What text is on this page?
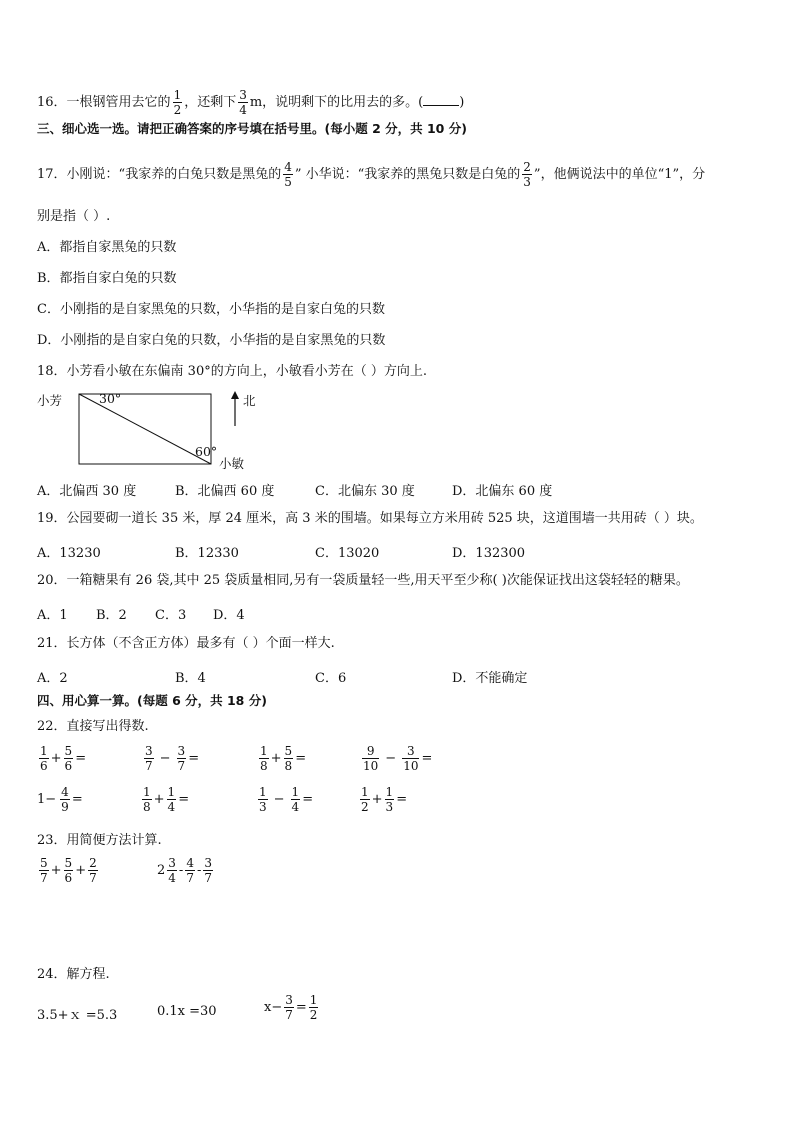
16．一根钢管用去它的 $\frac{1}{2}$ ，还剩下 $\frac{3}{4}$ m，说明剩下的比用去的多。(	)
三、细心选一选。请把正确答案的序号填在括号里。(每小题 2 分，共 10 分)
17．小刚说：“我家养的白兔只数是黑兔的 $\frac{4}{5}$ ” 小华说：“我家养的黑兔只数是白兔的 $\frac{2}{3}$ ”，他俩说法中的单位“1”，分
别是指（ ）.
A．都指自家黑兔的只数
B．都指自家白兔的只数
C．小刚指的是自家黑兔的只数，小华指的是自家白兔的只数
D．小刚指的是自家白兔的只数，小华指的是自家黑兔的只数
18．小芳看小敏在东偏南 30°的方向上，小敏看小芳在（ ）方向上.
小芳	30°
60°
小敏
北
A．北偏西 30 度	B．北偏西 60 度	C．北偏东 30 度	D．北偏东 60 度
19．公园要砌一道长 35 米，厚 24 厘米，高 3 米的围墙。如果每立方米用砖 525 块，这道围墙一共用砖（ ）块。
A．13230	B．12330	C．13020	D．132300
20．一箱糖果有 26 袋,其中 25 袋质量相同,另有一袋质量轻一些,用天平至少称( )次能保证找出这袋轻轻的糖果。
A．1 B．2 C．3 D．4
21．长方体（不含正方体）最多有（ ）个面一样大.
A．2	B．4	C．6	D．不能确定
四、用心算一算。(每题 6 分，共 18 分)
22．直接写出得数.
$\frac{1}{6} + \frac{5}{6}$ =	$\frac{3}{7} - \frac{3}{7}$ =	$\frac{1}{8} + \frac{5}{8}$ =	$\frac{9}{10} - \frac{3}{10}$ =
$1- \frac{4}{9}$ =	$\frac{1}{8} + \frac{1}{4}$ =	$\frac{1}{3} - \frac{1}{4}$ =	$\frac{1}{2} + \frac{1}{3}$ =
23．用简便方法计算.
$\frac{5}{7} + \frac{5}{6} + \frac{2}{7}$	$2 \frac{3}{4} - \frac{4}{7} - \frac{3}{7}$
24．解方程.
3.5+ｘ =5.3	0.1x =30	$x- \frac{3}{7} = \frac{1}{2}$
